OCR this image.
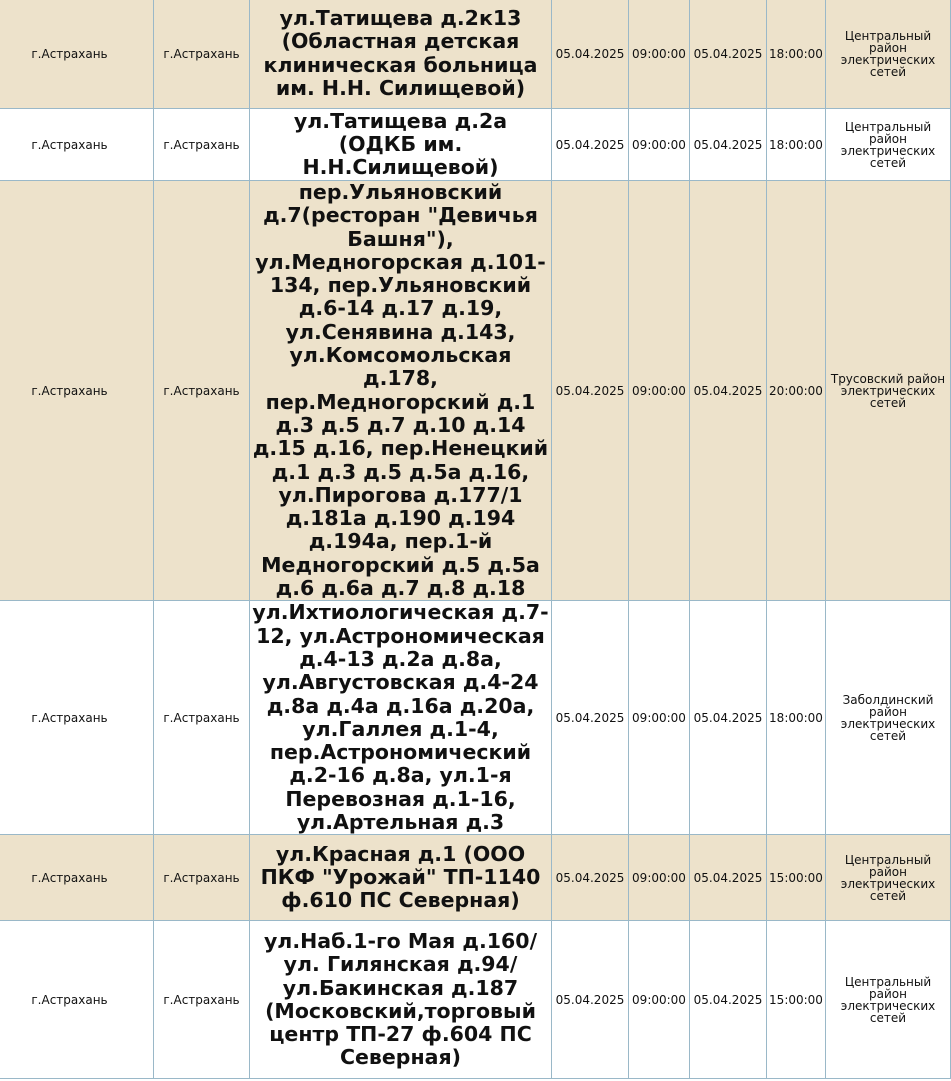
г.Астрахань	г.Астрахань	ул.Татищева д.2к13 (Областная детская клиническая больница им. Н.Н. Силищевой)	05.04.2025	09:00:00	05.04.2025	18:00:00	Центральный район электрических сетей
г.Астрахань	г.Астрахань	ул.Татищева д.2а (ОДКБ им. Н.Н.Силищевой)	05.04.2025	09:00:00	05.04.2025	18:00:00	Центральный район электрических сетей
г.Астрахань	г.Астрахань	пер.Ульяновский д.7(ресторан "Девичья Башня"), ул.Медногорская д.101-134, пер.Ульяновский д.6-14 д.17 д.19, ул.Сенявина д.143, ул.Комсомольская д.178, пер.Медногорский д.1 д.3 д.5 д.7 д.10 д.14 д.15 д.16, пер.Ненецкий д.1 д.3 д.5 д.5а д.16, ул.Пирогова д.177/1 д.181а д.190 д.194 д.194а, пер.1-й Медногорский д.5 д.5а д.6 д.6а д.7 д.8 д.18	05.04.2025	09:00:00	05.04.2025	20:00:00	Трусовский район электрических сетей
г.Астрахань	г.Астрахань	ул.Ихтиологическая д.7-12, ул.Астрономическая д.4-13 д.2а д.8а, ул.Августовская д.4-24 д.8а д.4а д.16а д.20а, ул.Галлея д.1-4, пер.Астрономический д.2-16 д.8а, ул.1-я Перевозная д.1-16, ул.Артельная д.3	05.04.2025	09:00:00	05.04.2025	18:00:00	Заболдинский район электрических сетей
г.Астрахань	г.Астрахань	ул.Красная д.1 (ООО ПКФ "Урожай" ТП-1140 ф.610 ПС Северная)	05.04.2025	09:00:00	05.04.2025	15:00:00	Центральный район электрических сетей
г.Астрахань	г.Астрахань	ул.Наб.1-го Мая д.160/ул. Гилянская д.94/ ул.Бакинская д.187 (Московский,торговый центр ТП-27 ф.604 ПС Северная)	05.04.2025	09:00:00	05.04.2025	15:00:00	Центральный район электрических сетей
